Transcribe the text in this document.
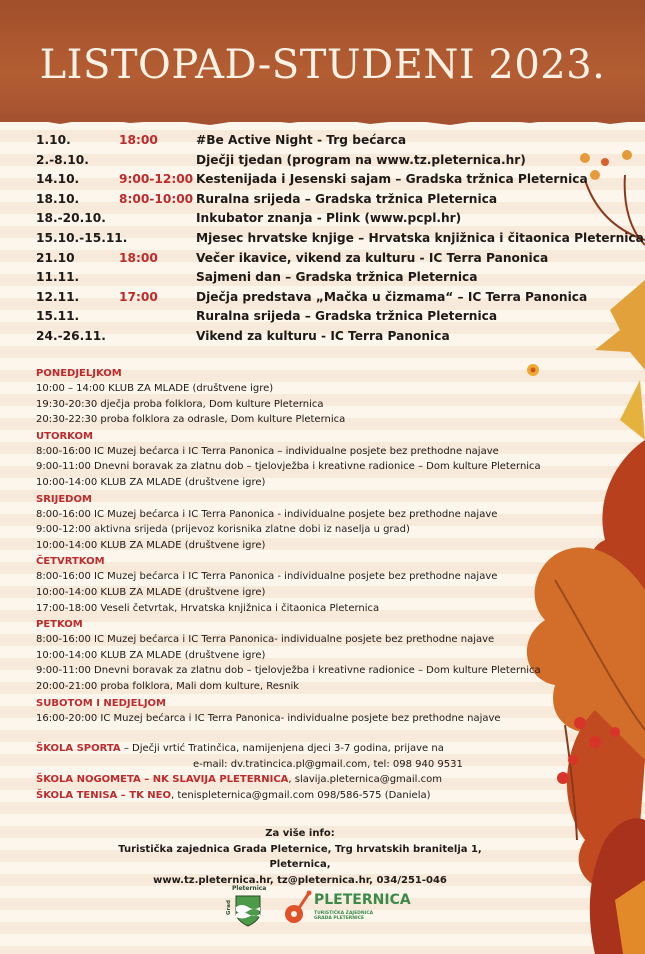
LISTOPAD-STUDENI 2023.
1.10.	18:00	#Be Active Night - Trg bećarca
2.-8.10.	Dječji tjedan (program na www.tz.pleternica.hr)
14.10.	9:00-12:00 Kestenijada i Jesenski sajam – Gradska tržnica Pleternica
18.10.	8:00-10:00 Ruralna srijeda – Gradska tržnica Pleternica
18.-20.10.	Inkubator znanja - Plink (www.pcpl.hr)
15.10.-15.11.	Mjesec hrvatske knjige – Hrvatska knjižnica i čitaonica Pleternica
21.10	18:00	Večer ikavice, vikend za kulturu - IC Terra Panonica
11.11.	Sajmeni dan – Gradska tržnica Pleternica
12.11.	17:00	Dječja predstava „Mačka u čizmama“ – IC Terra Panonica
15.11.	Ruralna srijeda – Gradska tržnica Pleternica
24.-26.11.	Vikend za kulturu - IC Terra Panonica
PONEDJELJKOM
10:00 – 14:00 KLUB ZA MLADE (društvene igre)
19:30-20:30 dječja proba folklora, Dom kulture Pleternica
20:30-22:30 proba folklora za odrasle, Dom kulture Pleternica
UTORKOM
8:00-16:00 IC Muzej bećarca i IC Terra Panonica – individualne posjete bez prethodne najave
9:00-11:00 Dnevni boravak za zlatnu dob – tjelovježba i kreativne radionice – Dom kulture Pleternica
10:00-14:00 KLUB ZA MLADE (društvene igre)
SRIJEDOM
8:00-16:00 IC Muzej bećarca i IC Terra Panonica - individualne posjete bez prethodne najave
9:00-12:00 aktivna srijeda (prijevoz korisnika zlatne dobi iz naselja u grad)
10:00-14:00 KLUB ZA MLADE (društvene igre)
ČETVRTKOM
8:00-16:00 IC Muzej bećarca i IC Terra Panonica - individualne posjete bez prethodne najave
10:00-14:00 KLUB ZA MLADE (društvene igre)
17:00-18:00 Veseli četvrtak, Hrvatska knjižnica i čitaonica Pleternica
PETKOM
8:00-16:00 IC Muzej bećarca i IC Terra Panonica- individualne posjete bez prethodne najave
10:00-14:00 KLUB ZA MLADE (društvene igre)
9:00-11:00 Dnevni boravak za zlatnu dob – tjelovježba i kreativne radionice – Dom kulture Pleternica
20:00-21:00 proba folklora, Mali dom kulture, Resnik
SUBOTOM I NEDJELJOM
16:00-20:00 IC Muzej bećarca i IC Terra Panonica- individualne posjete bez prethodne najave
ŠKOLA SPORTA – Dječji vrtić Tratinčica, namijenjena djeci 3-7 godina, prijave na
e-mail: dv.tratincica.pl@gmail.com, tel: 098 940 9531
ŠKOLA NOGOMETA – NK SLAVIJA PLETERNICA, slavija.pleternica@gmail.com
ŠKOLA TENISA – TK NEO, tenispleternica@gmail.com 098/586-575 (Daniela)
Za više info:
Turistička zajednica Grada Pleternice, Trg hrvatskih branitelja 1, Pleternica,
www.tz.pleternica.hr, tz@pleternica.hr, 034/251-046
Pleternica
Grad	PLETERNICA
TURISTIČKA ZAJEDNICA
GRADA PLETERNICE
